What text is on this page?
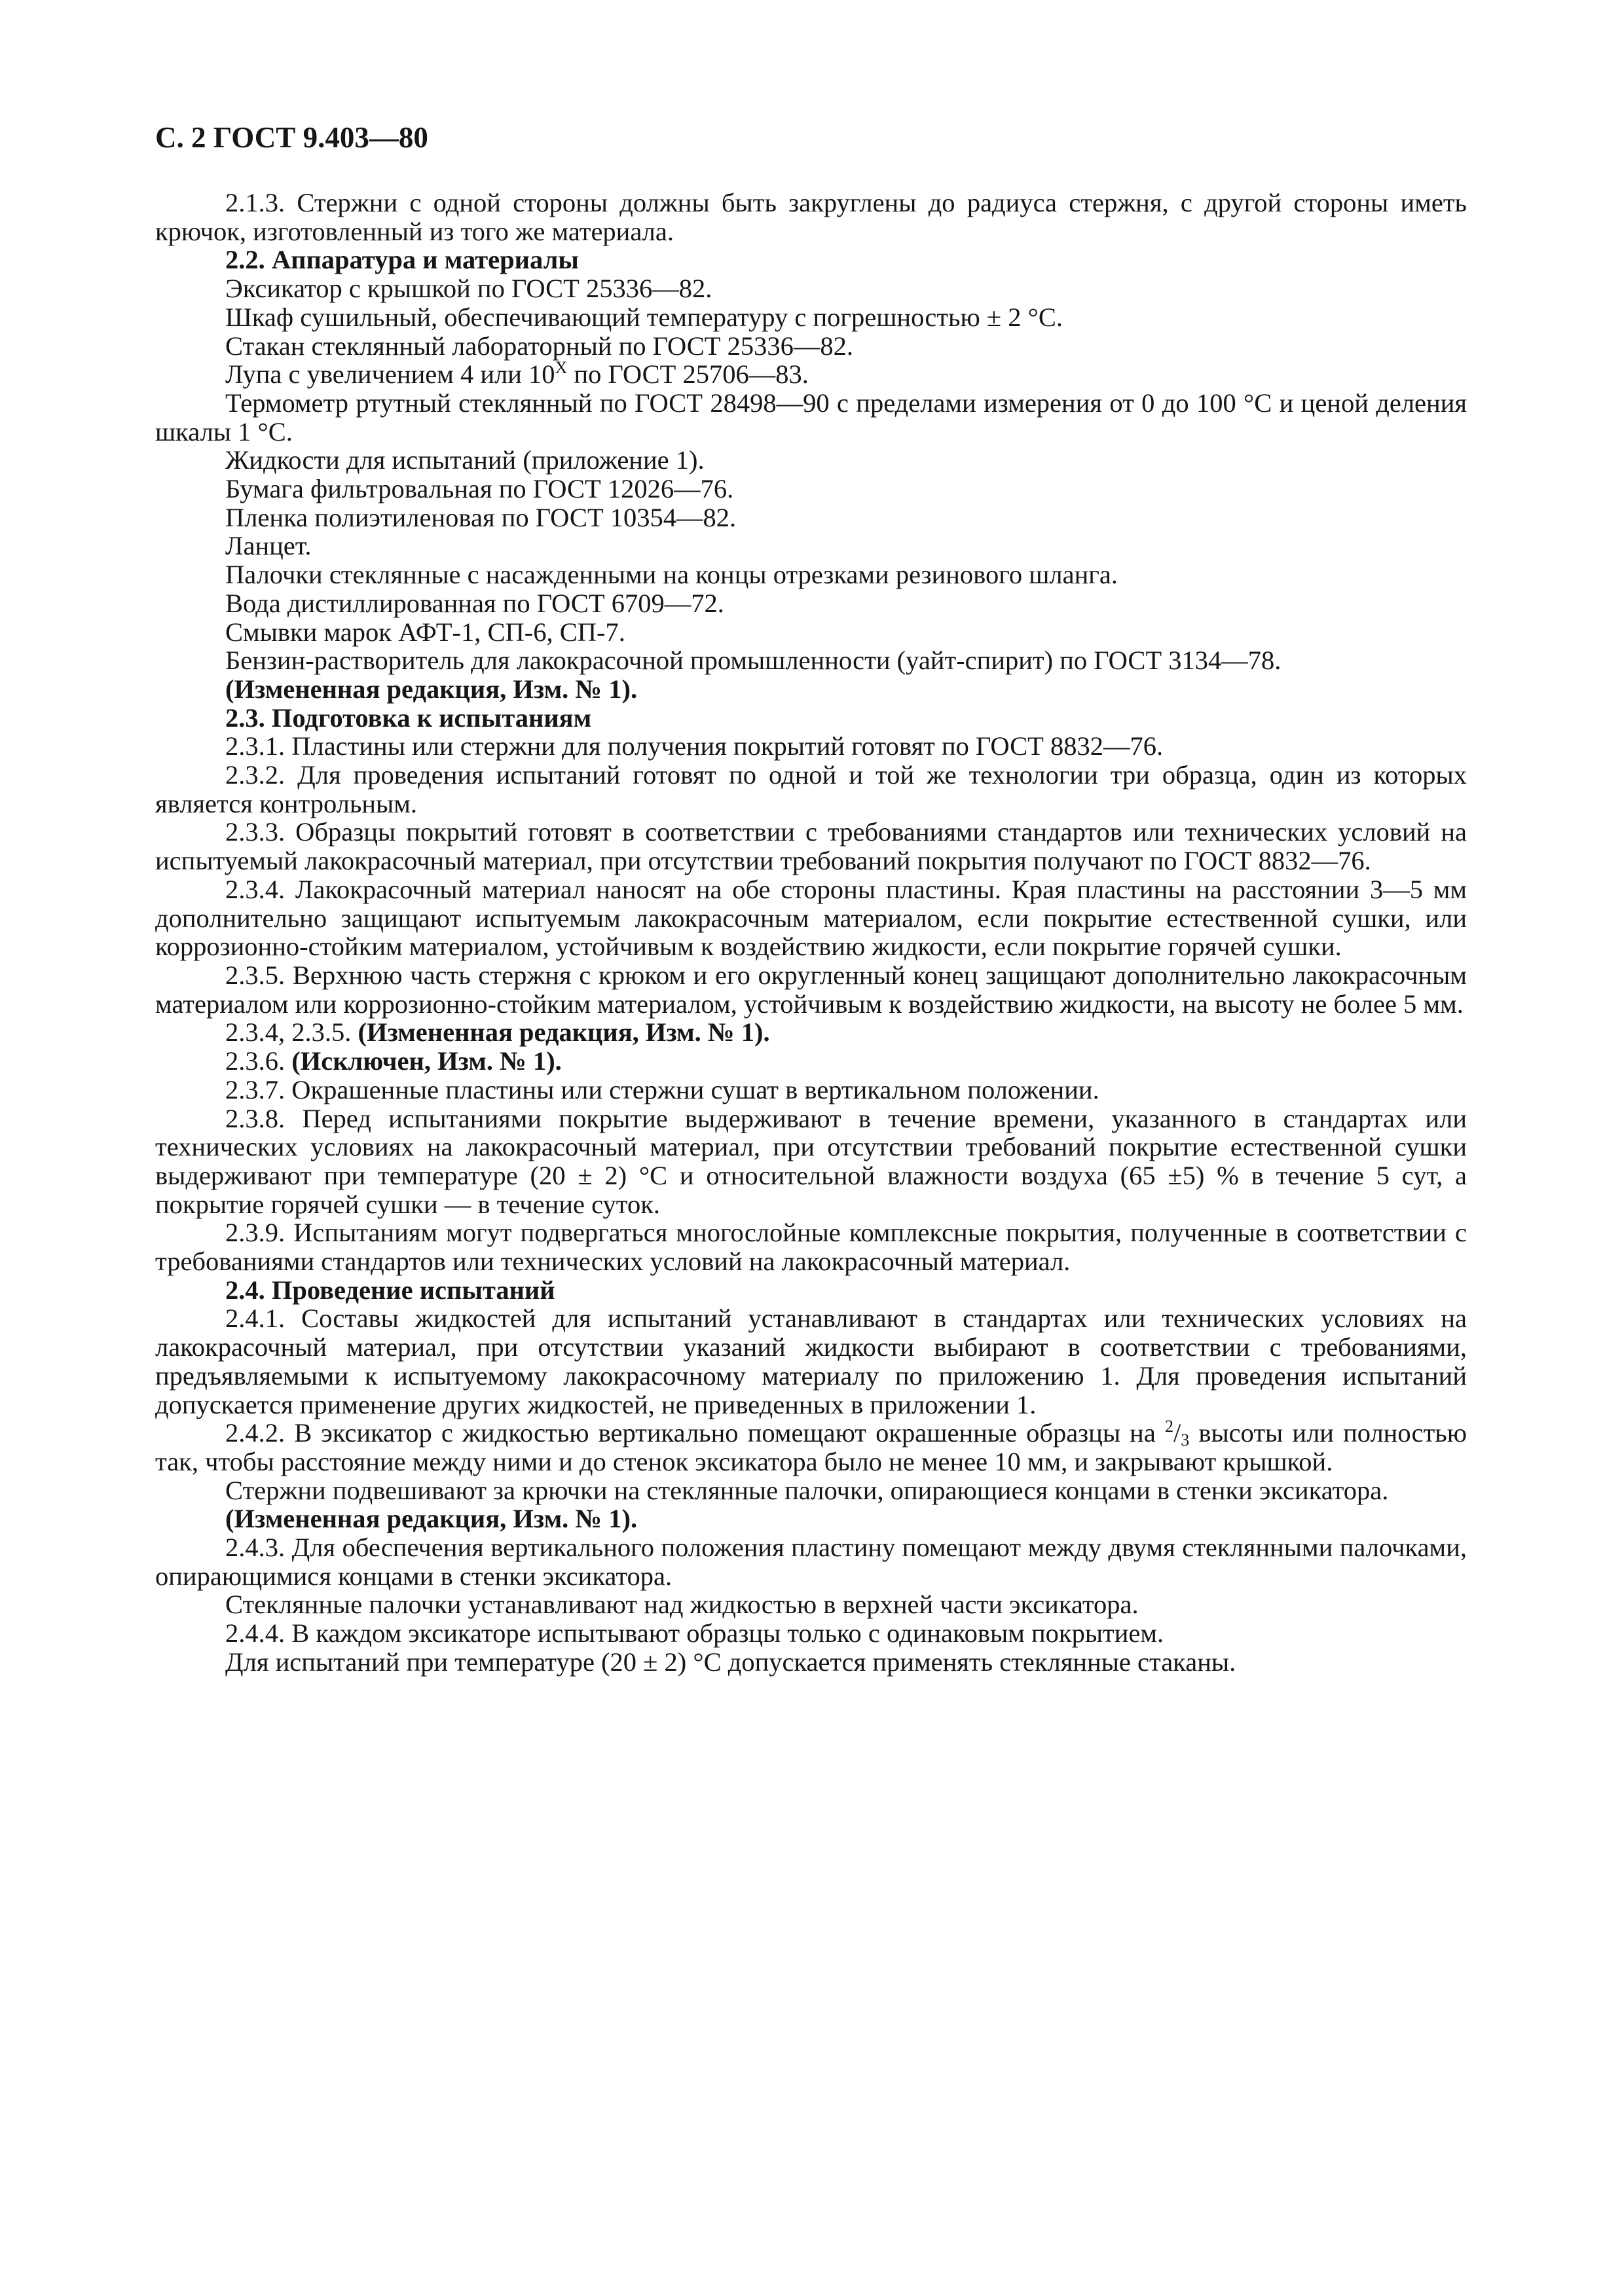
С. 2 ГОСТ 9.403—80

2.1.3. Стержни с одной стороны должны быть закруглены до радиуса стержня, с другой стороны иметь крючок, изготовленный из того же материала.

2.2. Аппаратура и материалы

Эксикатор с крышкой по ГОСТ 25336—82.

Шкаф сушильный, обеспечивающий температуру с погрешностью ± 2 °С.

Стакан стеклянный лабораторный по ГОСТ 25336—82.

Лупа с увеличением 4 или $10^X$ по ГОСТ 25706—83.

Термометр ртутный стеклянный по ГОСТ 28498—90 с пределами измерения от 0 до 100 °С и ценой деления шкалы 1 °С.

Жидкости для испытаний (приложение 1).

Бумага фильтровальная по ГОСТ 12026—76.

Пленка полиэтиленовая по ГОСТ 10354—82.

Ланцет.

Палочки стеклянные с насажденными на концы отрезками резинового шланга.

Вода дистиллированная по ГОСТ 6709—72.

Смывки марок АФТ-1, СП-6, СП-7.

Бензин-растворитель для лакокрасочной промышленности (уайт-спирит) по ГОСТ 3134—78.

(Измененная редакция, Изм. № 1).

2.3. Подготовка к испытаниям

2.3.1. Пластины или стержни для получения покрытий готовят по ГОСТ 8832—76.

2.3.2. Для проведения испытаний готовят по одной и той же технологии три образца, один из которых является контрольным.

2.3.3. Образцы покрытий готовят в соответствии с требованиями стандартов или технических условий на испытуемый лакокрасочный материал, при отсутствии требований покрытия получают по ГОСТ 8832—76.

2.3.4. Лакокрасочный материал наносят на обе стороны пластины. Края пластины на расстоянии 3—5 мм дополнительно защищают испытуемым лакокрасочным материалом, если покрытие естественной сушки, или коррозионно-стойким материалом, устойчивым к воздействию жидкости, если покрытие горячей сушки.

2.3.5. Верхнюю часть стержня с крюком и его округленный конец защищают дополнительно лакокрасочным материалом или коррозионно-стойким материалом, устойчивым к воздействию жидкости, на высоту не более 5 мм.

2.3.4, 2.3.5. (Измененная редакция, Изм. № 1).

2.3.6. (Исключен, Изм. № 1).

2.3.7. Окрашенные пластины или стержни сушат в вертикальном положении.

2.3.8. Перед испытаниями покрытие выдерживают в течение времени, указанного в стандартах или технических условиях на лакокрасочный материал, при отсутствии требований покрытие естественной сушки выдерживают при температуре (20 ± 2) °С и относительной влажности воздуха (65 ±5) % в течение 5 сут, а покрытие горячей сушки — в течение суток.

2.3.9. Испытаниям могут подвергаться многослойные комплексные покрытия, полученные в соответствии с требованиями стандартов или технических условий на лакокрасочный материал.

2.4. Проведение испытаний

2.4.1. Составы жидкостей для испытаний устанавливают в стандартах или технических условиях на лакокрасочный материал, при отсутствии указаний жидкости выбирают в соответствии с требованиями, предъявляемыми к испытуемому лакокрасочному материалу по приложению 1. Для проведения испытаний допускается применение других жидкостей, не приведенных в приложении 1.

2.4.2. В эксикатор с жидкостью вертикально помещают окрашенные образцы на $^2/_3$ высоты или полностью так, чтобы расстояние между ними и до стенок эксикатора было не менее 10 мм, и закрывают крышкой.

Стержни подвешивают за крючки на стеклянные палочки, опирающиеся концами в стенки эксикатора.

(Измененная редакция, Изм. № 1).

2.4.3. Для обеспечения вертикального положения пластину помещают между двумя стеклянными палочками, опирающимися концами в стенки эксикатора.

Стеклянные палочки устанавливают над жидкостью в верхней части эксикатора.

2.4.4. В каждом эксикаторе испытывают образцы только с одинаковым покрытием.

Для испытаний при температуре (20 ± 2) °С допускается применять стеклянные стаканы.
